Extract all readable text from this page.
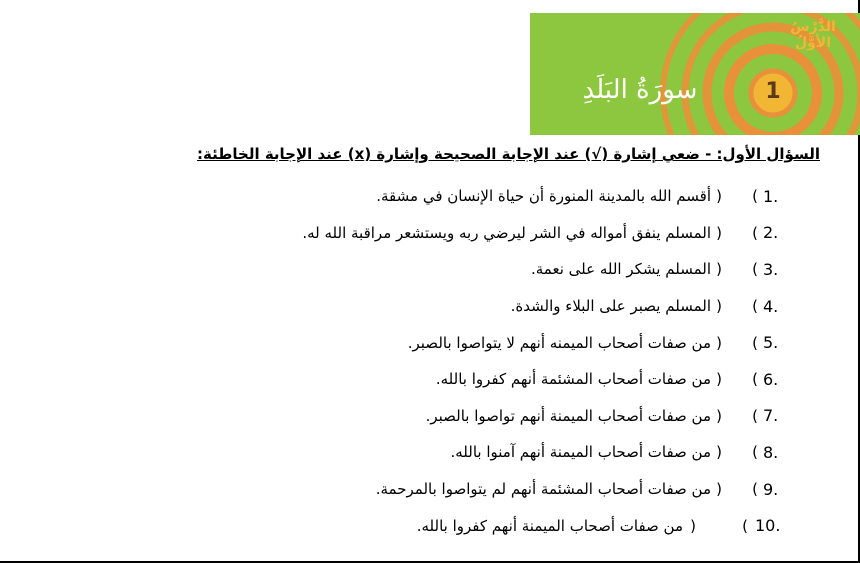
الدَّرْسُ الأوَّلُ
1
سورَةُ البَلَدِ
السؤال الأول: - ضعي إشارة (√) عند الإجابة الصحيحة وإشارة (x) عند الإجابة الخاطئة:
1.
) (
أقسم الله بالمدينة المنورة أن حياة الإنسان في مشقة.
2.
) (
المسلم ينفق أمواله في الشر ليرضي ربه ويستشعر مراقبة الله له.
3.
) (
المسلم يشكر الله على نعمة.
4.
) (
المسلم يصبر على البلاء والشدة.
5.
) (
من صفات أصحاب الميمنه أنهم لا يتواصوا بالصبر.
6.
) (
من صفات أصحاب المشئمة أنهم كفروا بالله.
7.
) (
من صفات أصحاب الميمنة أنهم تواصوا بالصبر.
8.
) (
من صفات أصحاب الميمنة أنهم آمنوا بالله.
9.
) (
من صفات أصحاب المشئمة أنهم لم يتواصوا بالمرحمة.
10.
)	(
من صفات أصحاب الميمنة أنهم كفروا بالله.
